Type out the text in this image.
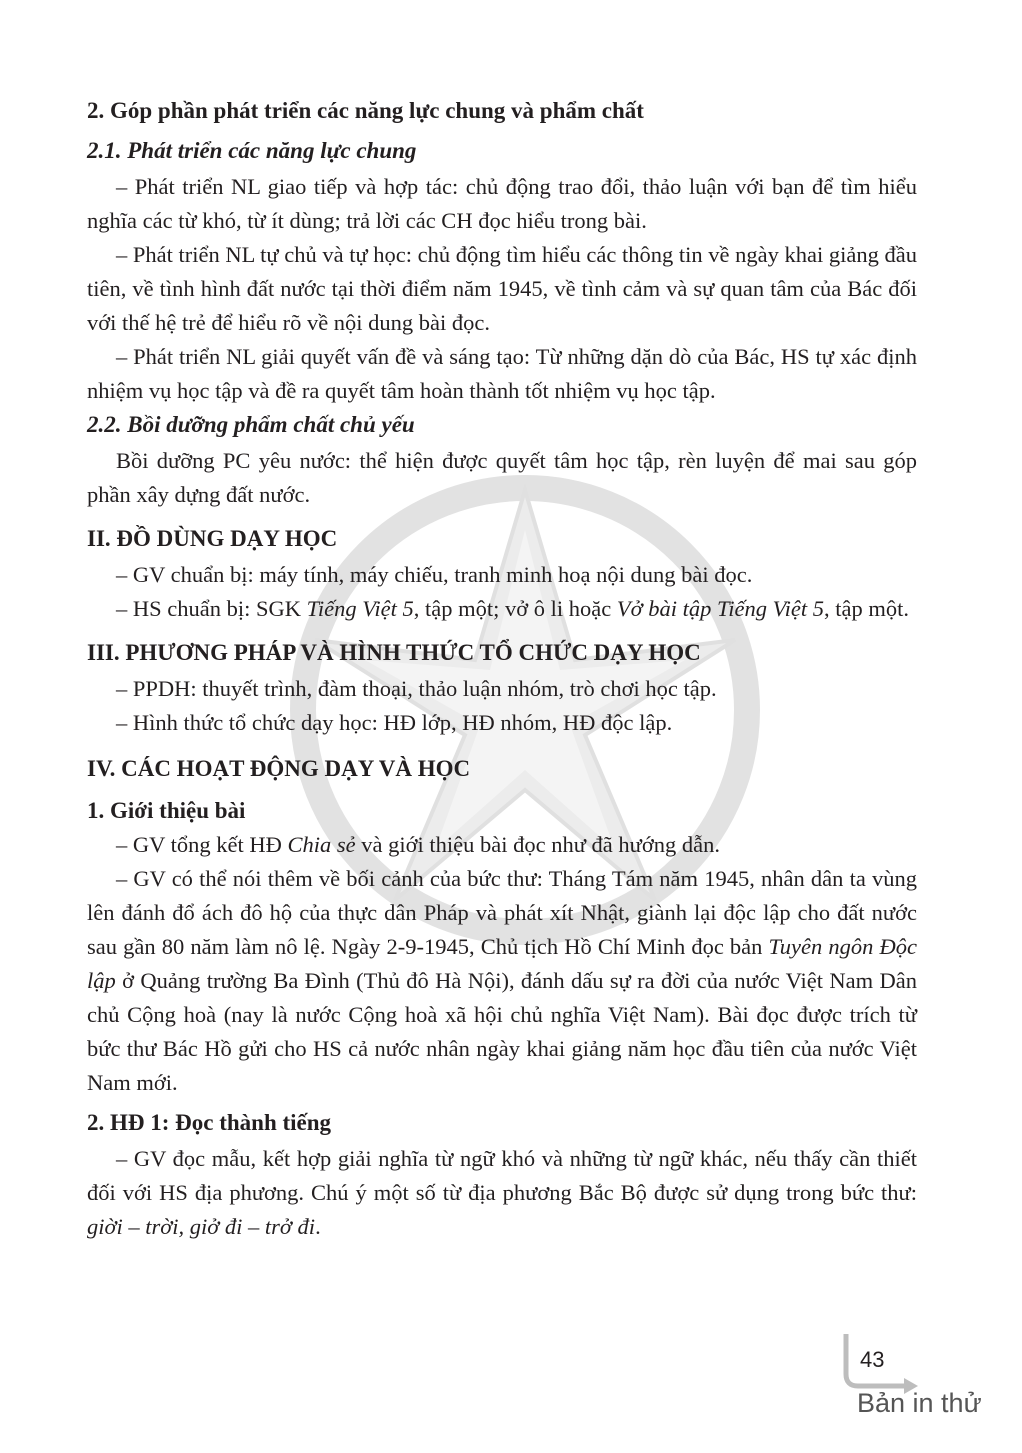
2. Góp phần phát triển các năng lực chung và phẩm chất
2.1. Phát triển các năng lực chung

– Phát triển NL giao tiếp và hợp tác: chủ động trao đổi, thảo luận với bạn để tìm hiểu nghĩa các từ khó, từ ít dùng; trả lời các CH đọc hiểu trong bài.

– Phát triển NL tự chủ và tự học: chủ động tìm hiểu các thông tin về ngày khai giảng đầu tiên, về tình hình đất nước tại thời điểm năm 1945, về tình cảm và sự quan tâm của Bác đối với thế hệ trẻ để hiểu rõ về nội dung bài đọc.

– Phát triển NL giải quyết vấn đề và sáng tạo: Từ những dặn dò của Bác, HS tự xác định nhiệm vụ học tập và đề ra quyết tâm hoàn thành tốt nhiệm vụ học tập.

2.2. Bồi dưỡng phẩm chất chủ yếu

Bồi dưỡng PC yêu nước: thể hiện được quyết tâm học tập, rèn luyện để mai sau góp phần xây dựng đất nước.

II. ĐỒ DÙNG DẠY HỌC

– GV chuẩn bị: máy tính, máy chiếu, tranh minh hoạ nội dung bài đọc.

– HS chuẩn bị: SGK Tiếng Việt 5, tập một; vở ô li hoặc Vở bài tập Tiếng Việt 5, tập một.

III. PHƯƠNG PHÁP VÀ HÌNH THỨC TỔ CHỨC DẠY HỌC

– PPDH: thuyết trình, đàm thoại, thảo luận nhóm, trò chơi học tập.

– Hình thức tổ chức dạy học: HĐ lớp, HĐ nhóm, HĐ độc lập.

IV. CÁC HOẠT ĐỘNG DẠY VÀ HỌC
1. Giới thiệu bài

– GV tổng kết HĐ Chia sẻ và giới thiệu bài đọc như đã hướng dẫn.

– GV có thể nói thêm về bối cảnh của bức thư: Tháng Tám năm 1945, nhân dân ta vùng lên đánh đổ ách đô hộ của thực dân Pháp và phát xít Nhật, giành lại độc lập cho đất nước sau gần 80 năm làm nô lệ. Ngày 2-9-1945, Chủ tịch Hồ Chí Minh đọc bản Tuyên ngôn Độc lập ở Quảng trường Ba Đình (Thủ đô Hà Nội), đánh dấu sự ra đời của nước Việt Nam Dân chủ Cộng hoà (nay là nước Cộng hoà xã hội chủ nghĩa Việt Nam). Bài đọc được trích từ bức thư Bác Hồ gửi cho HS cả nước nhân ngày khai giảng năm học đầu tiên của nước Việt Nam mới.

2. HĐ 1: Đọc thành tiếng

– GV đọc mẫu, kết hợp giải nghĩa từ ngữ khó và những từ ngữ khác, nếu thấy cần thiết đối với HS địa phương. Chú ý một số từ địa phương Bắc Bộ được sử dụng trong bức thư: giời – trời, giở đi – trở đi.

43
Bản in thử
